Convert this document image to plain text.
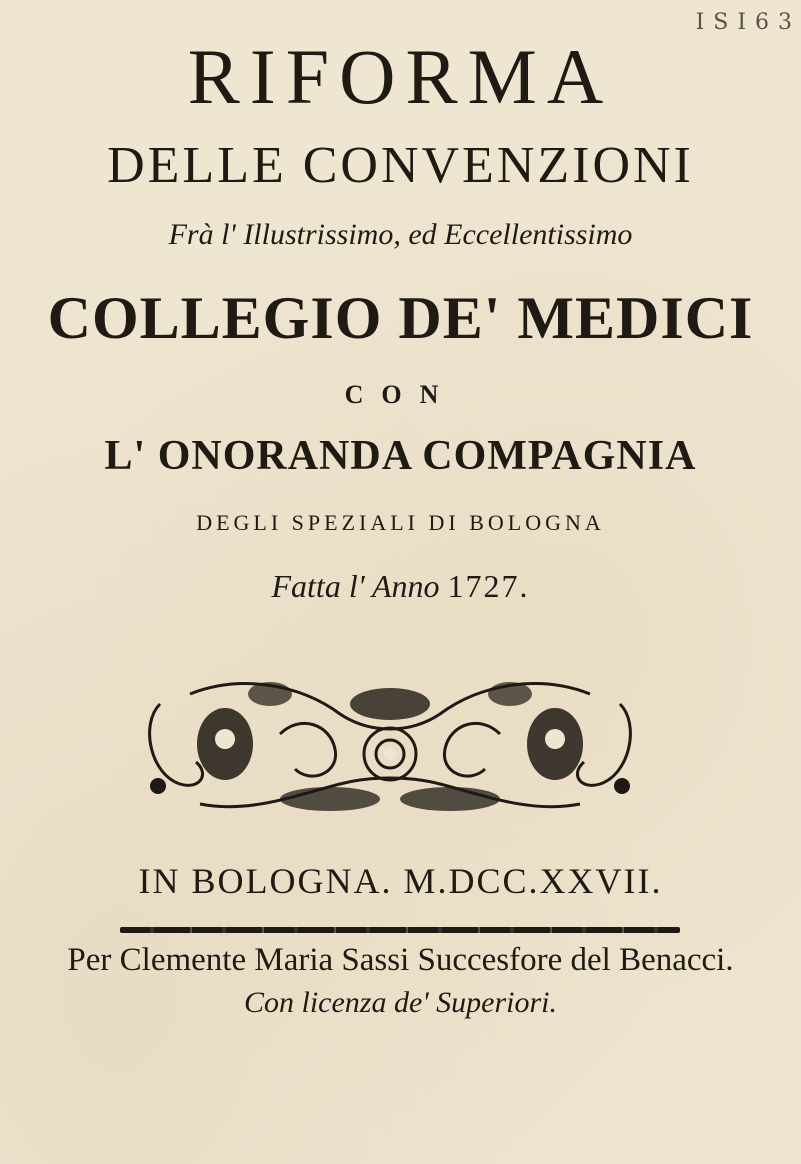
I S I 6 3
RIFORMA
DELLE CONVENZIONI
Frà l' Illustrissimo, ed Eccellentissimo
COLLEGIO DE' MEDICI
CON
L' ONORANDA COMPAGNIA
DEGLI SPEZIALI DI BOLOGNA
Fatta l' Anno 1727.
IN BOLOGNA. M.DCC.XXVII.
Per Clemente Maria Sassi Succesfore del Benacci.
Con licenza de' Superiori.
